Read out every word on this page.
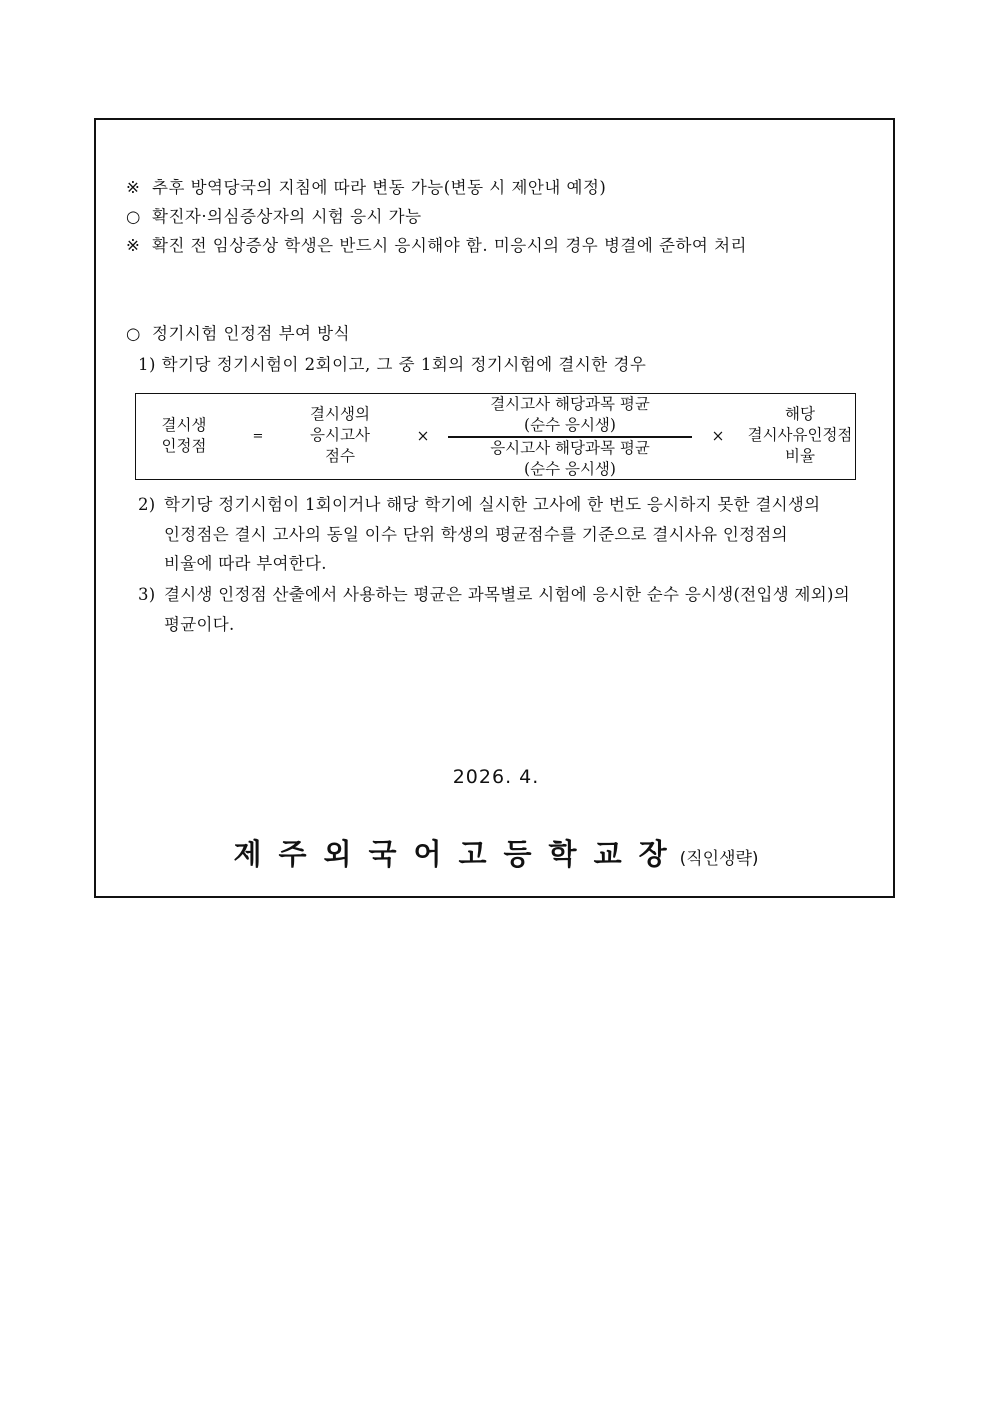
※ 추후 방역당국의 지침에 따라 변동 가능(변동 시 제안내 예정)
○ 확진자·의심증상자의 시험 응시 가능
※ 확진 전 임상증상 학생은 반드시 응시해야 함. 미응시의 경우 병결에 준하여 처리
○ 정기시험 인정점 부여 방식
1) 학기당 정기시험이 2회이고, 그 중 1회의 정기시험에 결시한 경우
결시생
인정점
=
결시생의
응시고사
점수
×
결시고사 해당과목 평균
(순수 응시생)
응시고사 해당과목 평균
(순수 응시생)
×
해당
결시사유인정점
비율
2) 학기당 정기시험이 1회이거나 해당 학기에 실시한 고사에 한 번도 응시하지 못한 결시생의
인정점은 결시 고사의 동일 이수 단위 학생의 평균점수를 기준으로 결시사유 인정점의
비율에 따라 부여한다.
3) 결시생 인정점 산출에서 사용하는 평균은 과목별로 시험에 응시한 순수 응시생(전입생 제외)의
평균이다.
2026. 4.
제주외국어고등학교장(직인생략)
